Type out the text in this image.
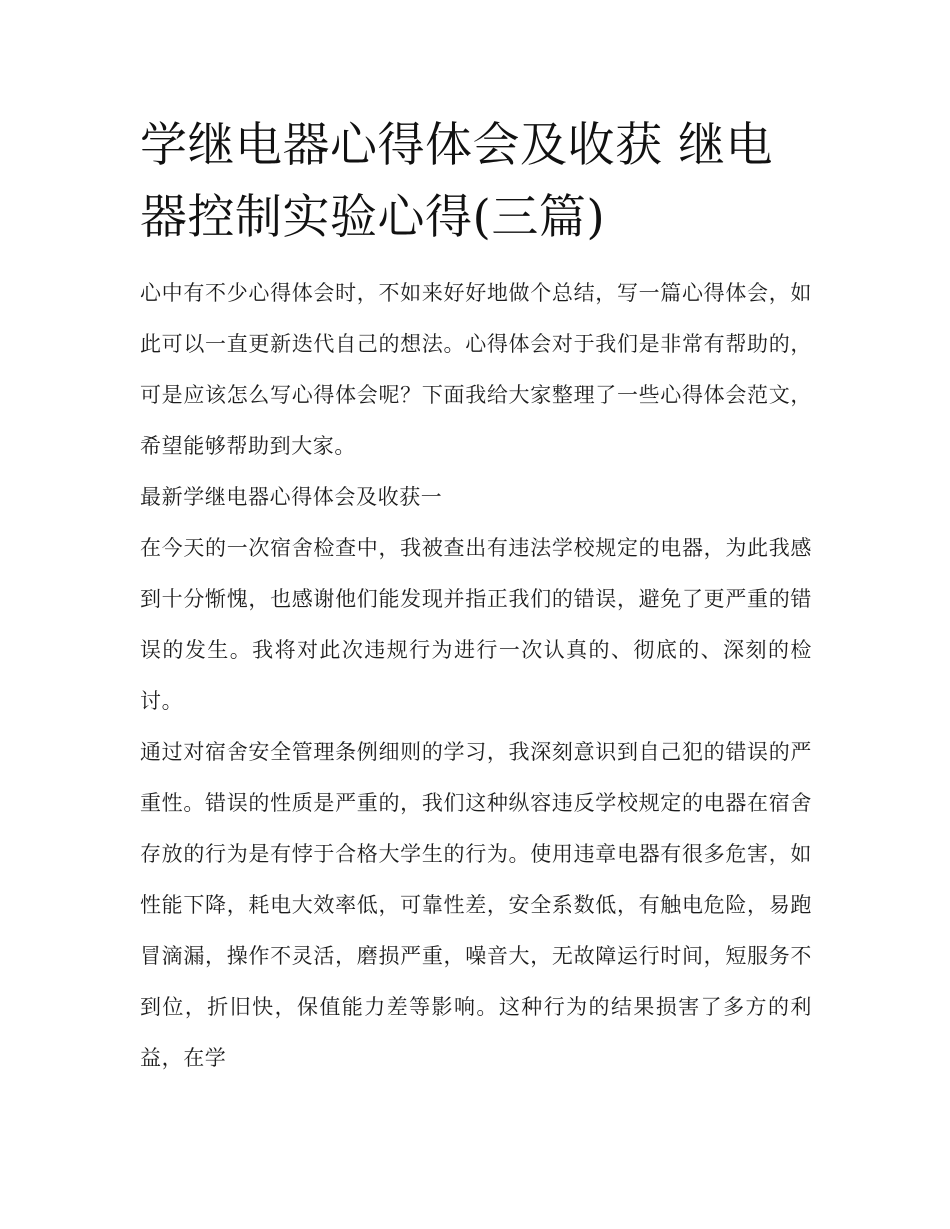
学继电器心得体会及收获 继电器控制实验心得(三篇)

心中有不少心得体会时，不如来好好地做个总结，写一篇心得体会，如此可以一直更新迭代自己的想法。心得体会对于我们是非常有帮助的，可是应该怎么写心得体会呢？下面我给大家整理了一些心得体会范文，希望能够帮助到大家。

最新学继电器心得体会及收获一

在今天的一次宿舍检查中，我被查出有违法学校规定的电器，为此我感到十分惭愧，也感谢他们能发现并指正我们的错误，避免了更严重的错误的发生。我将对此次违规行为进行一次认真的、彻底的、深刻的检讨。

通过对宿舍安全管理条例细则的学习，我深刻意识到自己犯的错误的严重性。错误的性质是严重的，我们这种纵容违反学校规定的电器在宿舍存放的行为是有悖于合格大学生的行为。使用违章电器有很多危害，如性能下降，耗电大效率低，可靠性差，安全系数低，有触电危险，易跑冒滴漏，操作不灵活，磨损严重，噪音大，无故障运行时间，短服务不到位，折旧快，保值能力差等影响。这种行为的结果损害了多方的利益，在学
